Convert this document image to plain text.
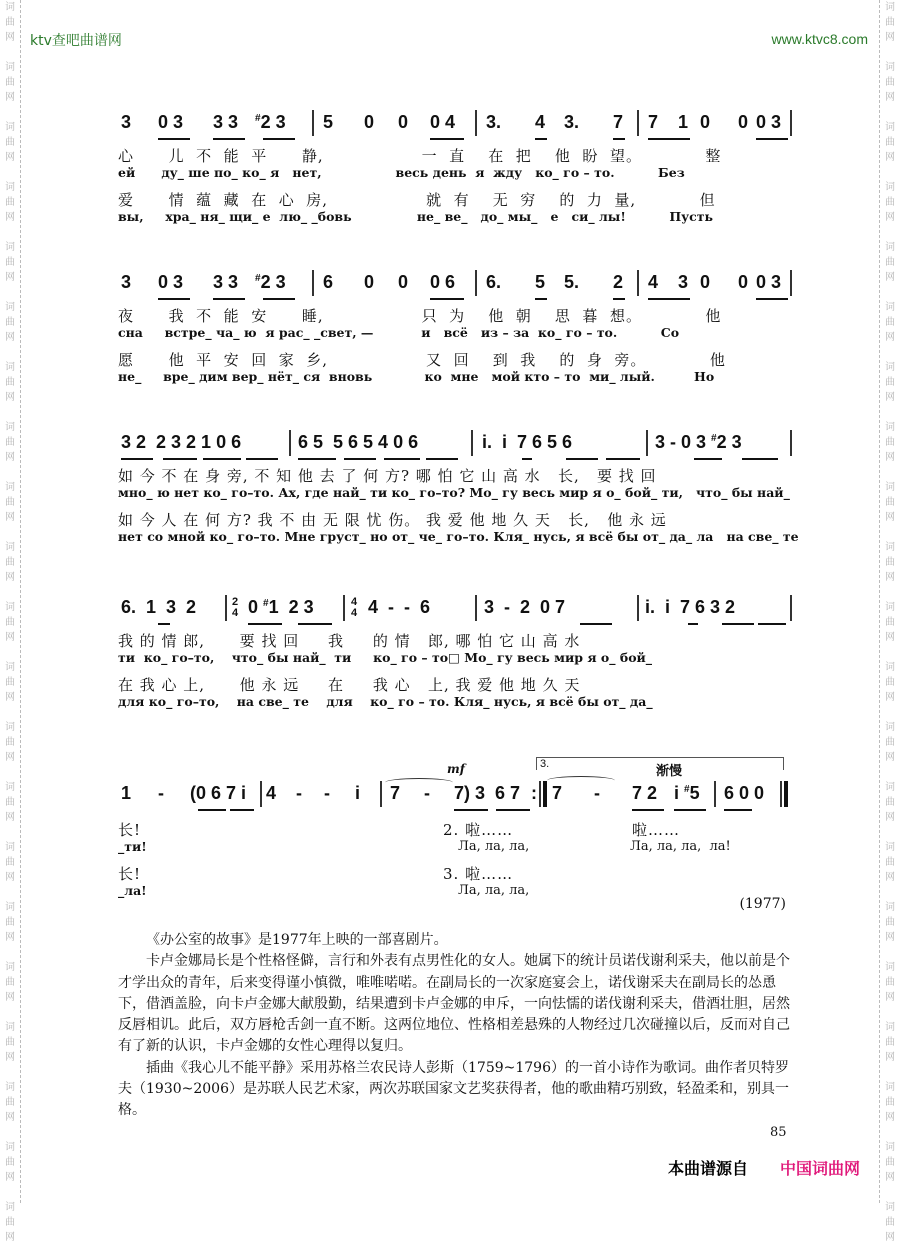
词
曲
网
词
曲
网
词
曲
网
词
曲
网
词
曲
网
词
曲
网
词
曲
网
词
曲
网
词
曲
网
词
曲
网
词
曲
网
词
曲
网
词
曲
网
词
曲
网
词
曲
网
词
曲
网
词
曲
网
词
曲
网
词
曲
网
词
曲
网
词
曲
网
词
曲
网
词
曲
网
词
曲
网
词
曲
网
词
曲
网
词
曲
网
词
曲
网
词
曲
网
词
曲
网
词
曲
网
词
曲
网
词
曲
网
词
曲
网
词
曲
网
词
曲
网
词
曲
网
词
曲
网
词
曲
网
词
曲
网
词
曲
网
词
曲
网
ktv查吧曲谱网	www.ktvc8.com
3 0 3 3 3 #2 3 5 0 0 0 4 3. 4 3. 7 7 1 0 0 0 3
心      儿  不  能  平      静,                 一  直    在  把    他  盼  望。           整
ей      ду_ ше по_ ко_ я   нет,                 весь день  я  жду   ко_ го – то.          Без
爱      情  蕴  藏  在  心  房,                 就  有    无  穷    的  力  量,           但
вы,     хра_ ня_ щи_ е  лю_ _бовь               не_ ве_   до_ мы_   е   си_ лы!          Пусть
3 0 3 3 3 #2 3 6 0 0 0 6 6. 5 5. 2 4 3 0 0 0 3
夜      我  不  能  安      睡,                 只  为    他  朝    思  暮  想。           他
сна     встре_ ча_ ю  я рас_ _свет, —           и   всё   из – за  ко_ го – то.          Со
愿      他  平  安  回  家  乡,                 又  回    到  我    的  身  旁。           他
не_     вре_ дим вер_ нёт_ ся  вновь            ко  мне   мой кто – то  ми_ лый.         Но
3 2  2 3 2 1 0 6	6 5  5 6 5 4 0 6	i.  i  7 6 5 6	3 - 0 3 #2 3
如 今 不 在 身 旁, 不 知 他 去 了 何 方? 哪 怕 它 山 高 水   长,   要 找 回
мно_ ю нет ко_ го–то. Ах, где най_ ти ко_ го–то? Мо_ гу весь мир я о_ бой_ ти,   что_ бы най_
如 今 人 在 何 方? 我 不 由 无 限 忧 伤。 我 爱 他 地 久 天   长,   他 永 远
нет со мной ко_ го–то. Мне груст_ но от_ че_ го–то. Кля_ нусь, я всё бы от_ да_ ла   на све_ те
6.  1  3  2	2
4 0 #1  2 3	4
4 4  -  -  6	3  -  2  0 7	i.  i  7 6 3 2
我 的 情 郎,      要 找 回     我     的 情   郎, 哪 怕 它 山 高 水
ти  ко_ го–то,    что_ бы най_  ти     ко_ го – то□ Мо_ гу весь мир я о_ бой_
在 我 心 上,      他 永 远     在     我 心   上, 我 爱 他 地 久 天
для ко_ го–то,    на све_ те    для    ко_ го – то. Кля_ нусь, я всё бы от_ да_
3.	渐慢
mf
1 - (0 6 7 i 4 - - i 7 - 7) 3  6 7 : 7 - 7 2 i #5 6 0 0
长!
_ти!
长!
_ла!
2. 啦……
Ла, ла, ла,
3. 啦……
Ла, ла, ла,
啦……
Ла, ла, ла,  ла!
(1977)

《办公室的故事》是1977年上映的一部喜剧片。

卡卢金娜局长是个性格怪僻，言行和外表有点男性化的女人。她属下的统计员诺伐谢利采夫，他以前是个才学出众的青年，后来变得谨小慎微，唯唯喏喏。在副局长的一次家庭宴会上，诺伐谢采夫在副局长的怂恿下，借酒盖脸，向卡卢金娜大献殷勤，结果遭到卡卢金娜的申斥，一向怯懦的诺伐谢利采夫，借酒壮胆，居然反唇相讥。此后，双方唇枪舌剑一直不断。这两位地位、性格相差悬殊的人物经过几次碰撞以后，反而对自己有了新的认识，卡卢金娜的女性心理得以复归。

插曲《我心儿不能平静》采用苏格兰农民诗人彭斯（1759~1796）的一首小诗作为歌词。曲作者贝特罗夫（1930~2006）是苏联人民艺术家，两次苏联国家文艺奖获得者，他的歌曲精巧别致，轻盈柔和，别具一格。

85
本曲谱源自 中国词曲网
